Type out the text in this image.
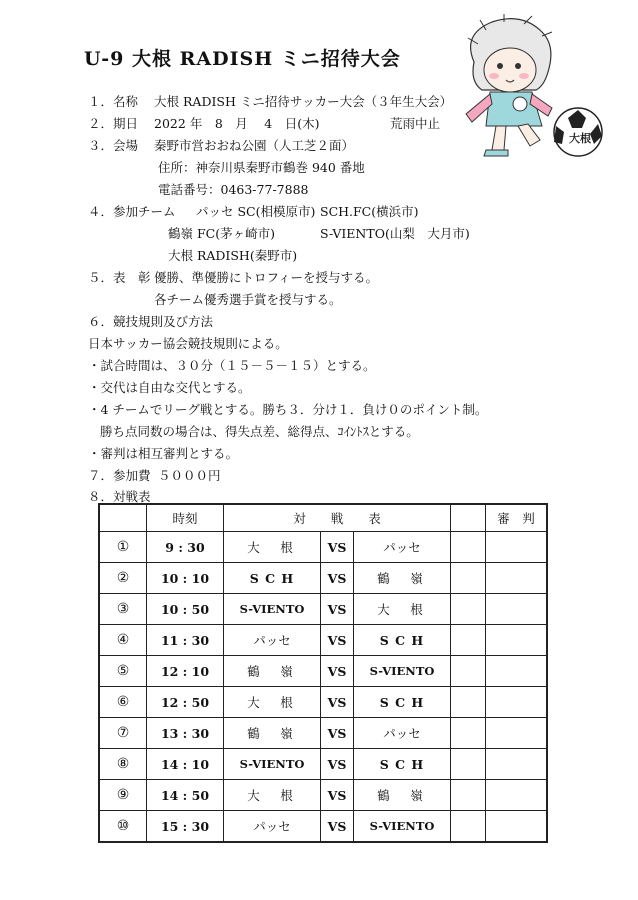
U-9 大根 RADISH ミニ招待大会
大根
１．名称 大根 RADISH ミニ招待サッカー大会（３年生大会）
２．期日 2022 年　8　月　 4　日(木)	荒雨中止
３．会場 秦野市営おおね公園（人工芝２面）
住所：神奈川県秦野市鶴巻 940 番地
電話番号：0463-77-7888
４．参加チーム パッセ SC(相模原市) SCH.FC(横浜市)
鶴嶺 FC(茅ヶ崎市)	S-VIENTO(山梨　大月市)
大根 RADISH(秦野市)
５．表　彰 優勝、準優勝にトロフィーを授与する。
各チーム優秀選手賞を授与する。
６．競技規則及び方法
日本サッカー協会競技規則による。
・試合時間は、３０分（１５－５－１５）とする。
・交代は自由な交代とする。
・4 チームでリーグ戦とする。勝ち３．分け１．負け０のポイント制。
勝ち点同数の場合は、得失点差、総得点、ｺｲﾝﾄｽとする。
・審判は相互審判とする。
７．参加費 ５０００円
８．対戦表
	時刻	対　　戦　　表				審　判
①	9 : 30	大　根	VS	パッセ		
②	10 : 10	S C H	VS	鶴　嶺		
③	10 : 50	S-VIENTO	VS	大　根		
④	11 : 30	パッセ	VS	S C H		
⑤	12 : 10	鶴　嶺	VS	S-VIENTO		
⑥	12 : 50	大　根	VS	S C H		
⑦	13 : 30	鶴　嶺	VS	パッセ		
⑧	14 : 10	S-VIENTO	VS	S C H		
⑨	14 : 50	大　根	VS	鶴　嶺		
⑩	15 : 30	パッセ	VS	S-VIENTO		
